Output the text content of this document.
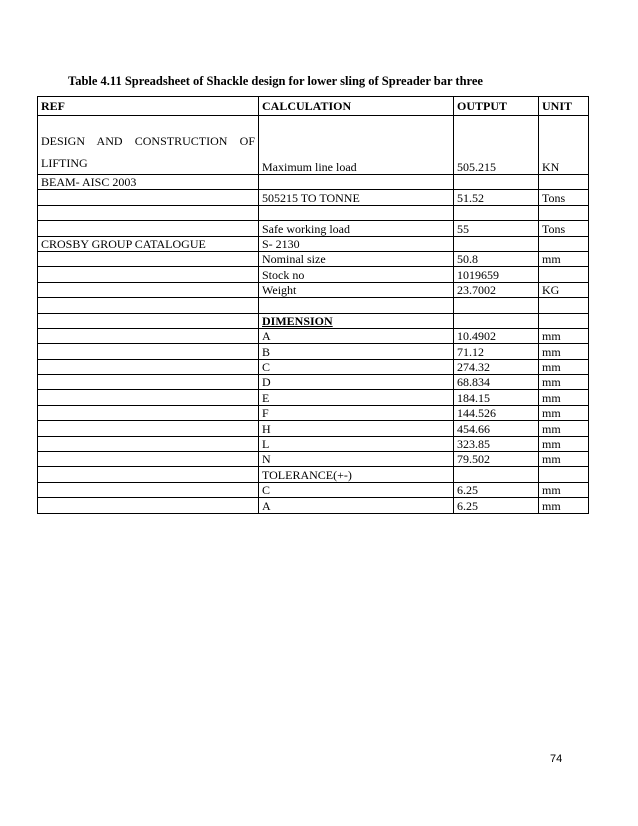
Table 4.11 Spreadsheet of Shackle design for lower sling of Spreader bar three
REF	CALCULATION	OUTPUT	UNIT

DESIGN AND CONSTRUCTION OF
LIFTING	Maximum line load	505.215	KN
BEAM- AISC 2003			
	505215 TO TONNE	51.52	Tons

	Safe working load	55	Tons
CROSBY GROUP CATALOGUE	S- 2130		
	Nominal size	50.8	mm
	Stock no	1019659	
	Weight	23.7002	KG

	DIMENSION		
	A	10.4902	mm
	B	71.12	mm
	C	274.32	mm
	D	68.834	mm
	E	184.15	mm
	F	144.526	mm
	H	454.66	mm
	L	323.85	mm
	N	79.502	mm
	TOLERANCE(+-)		
	C	6.25	mm
	A	6.25	mm
74
